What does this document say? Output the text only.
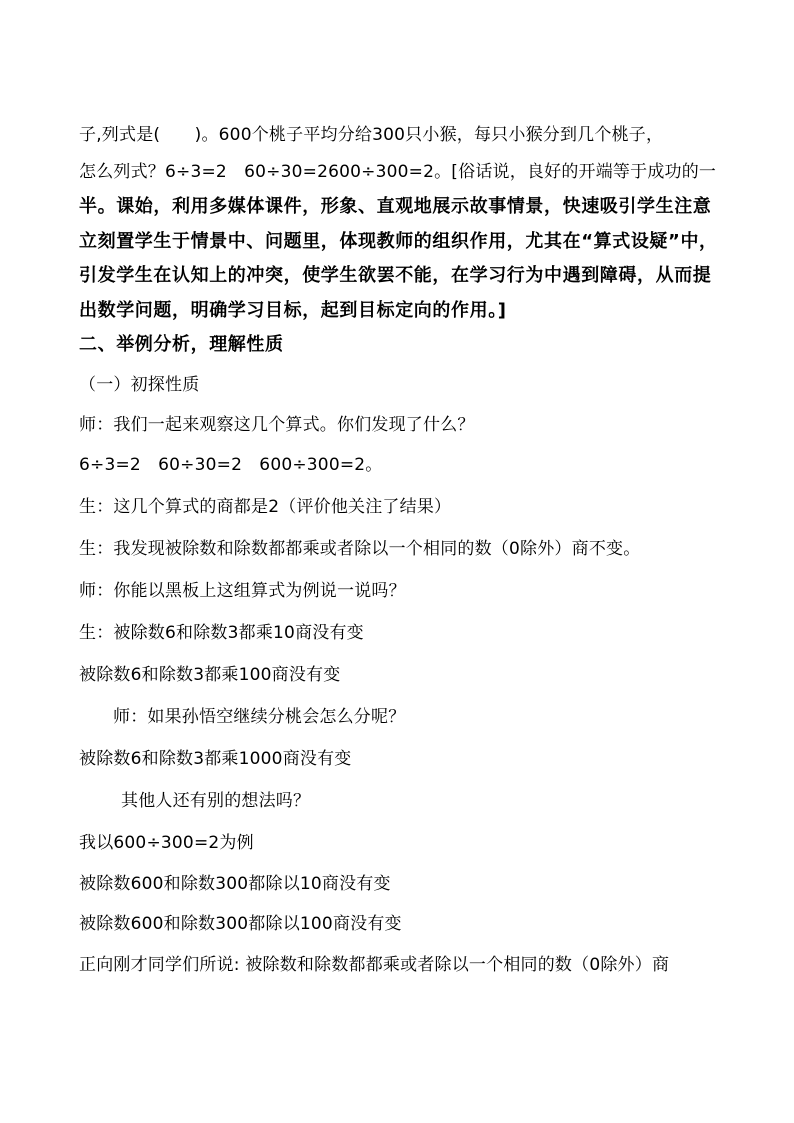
子,列式是(　　)。600个桃子平均分给300只小猴，每只小猴分到几个桃子，
怎么列式？6÷3=2　60÷30=2600÷300=2。[俗话说，良好的开端等于成功的一
半。课始，利用多媒体课件，形象、直观地展示故事情景，快速吸引学生注意
立刻置学生于情景中、问题里，体现教师的组织作用，尤其在“算式设疑”中，
引发学生在认知上的冲突，使学生欲罢不能，在学习行为中遇到障碍，从而提
出数学问题，明确学习目标，起到目标定向的作用。]
二、举例分析，理解性质
（一）初探性质
师：我们一起来观察这几个算式。你们发现了什么？
6÷3=2　60÷30=2　600÷300=2。
生：这几个算式的商都是2（评价他关注了结果）
生：我发现被除数和除数都都乘或者除以一个相同的数（0除外）商不变。
师：你能以黑板上这组算式为例说一说吗？
生：被除数6和除数3都乘10商没有变
被除数6和除数3都乘100商没有变
师：如果孙悟空继续分桃会怎么分呢？
被除数6和除数3都乘1000商没有变
其他人还有别的想法吗？
我以600÷300=2为例
被除数600和除数300都除以10商没有变
被除数600和除数300都除以100商没有变
正向刚才同学们所说: 被除数和除数都都乘或者除以一个相同的数（0除外）商
